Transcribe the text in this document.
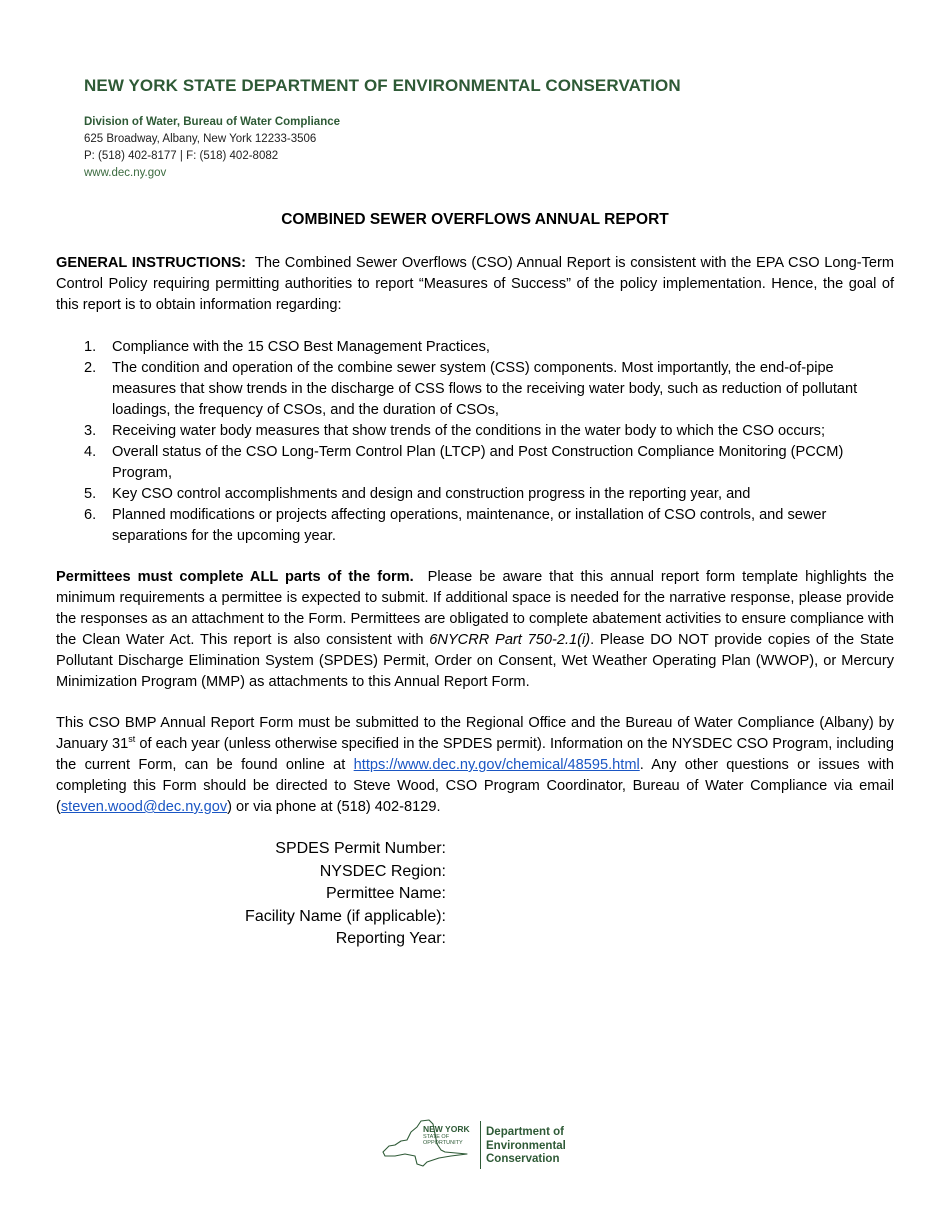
NEW YORK STATE DEPARTMENT OF ENVIRONMENTAL CONSERVATION
Division of Water, Bureau of Water Compliance
625 Broadway, Albany, New York 12233-3506
P: (518) 402-8177 | F: (518) 402-8082
www.dec.ny.gov
COMBINED SEWER OVERFLOWS ANNUAL REPORT
GENERAL INSTRUCTIONS: The Combined Sewer Overflows (CSO) Annual Report is consistent with the EPA CSO Long-Term Control Policy requiring permitting authorities to report “Measures of Success” of the policy implementation. Hence, the goal of this report is to obtain information regarding:
1. Compliance with the 15 CSO Best Management Practices,
2. The condition and operation of the combine sewer system (CSS) components. Most importantly, the end-of-pipe measures that show trends in the discharge of CSS flows to the receiving water body, such as reduction of pollutant loadings, the frequency of CSOs, and the duration of CSOs,
3. Receiving water body measures that show trends of the conditions in the water body to which the CSO occurs;
4. Overall status of the CSO Long-Term Control Plan (LTCP) and Post Construction Compliance Monitoring (PCCM) Program,
5. Key CSO control accomplishments and design and construction progress in the reporting year, and
6. Planned modifications or projects affecting operations, maintenance, or installation of CSO controls, and sewer separations for the upcoming year.
Permittees must complete ALL parts of the form. Please be aware that this annual report form template highlights the minimum requirements a permittee is expected to submit. If additional space is needed for the narrative response, please provide the responses as an attachment to the Form. Permittees are obligated to complete abatement activities to ensure compliance with the Clean Water Act. This report is also consistent with 6NYCRR Part 750-2.1(i). Please DO NOT provide copies of the State Pollutant Discharge Elimination System (SPDES) Permit, Order on Consent, Wet Weather Operating Plan (WWOP), or Mercury Minimization Program (MMP) as attachments to this Annual Report Form.
This CSO BMP Annual Report Form must be submitted to the Regional Office and the Bureau of Water Compliance (Albany) by January 31st of each year (unless otherwise specified in the SPDES permit). Information on the NYSDEC CSO Program, including the current Form, can be found online at https://www.dec.ny.gov/chemical/48595.html. Any other questions or issues with completing this Form should be directed to Steve Wood, CSO Program Coordinator, Bureau of Water Compliance via email (steven.wood@dec.ny.gov) or via phone at (518) 402-8129.
SPDES Permit Number:
NYSDEC Region:
Permittee Name:
Facility Name (if applicable):
Reporting Year:
NEW YORK
STATE OF
OPPORTUNITY
Department of
Environmental
Conservation
